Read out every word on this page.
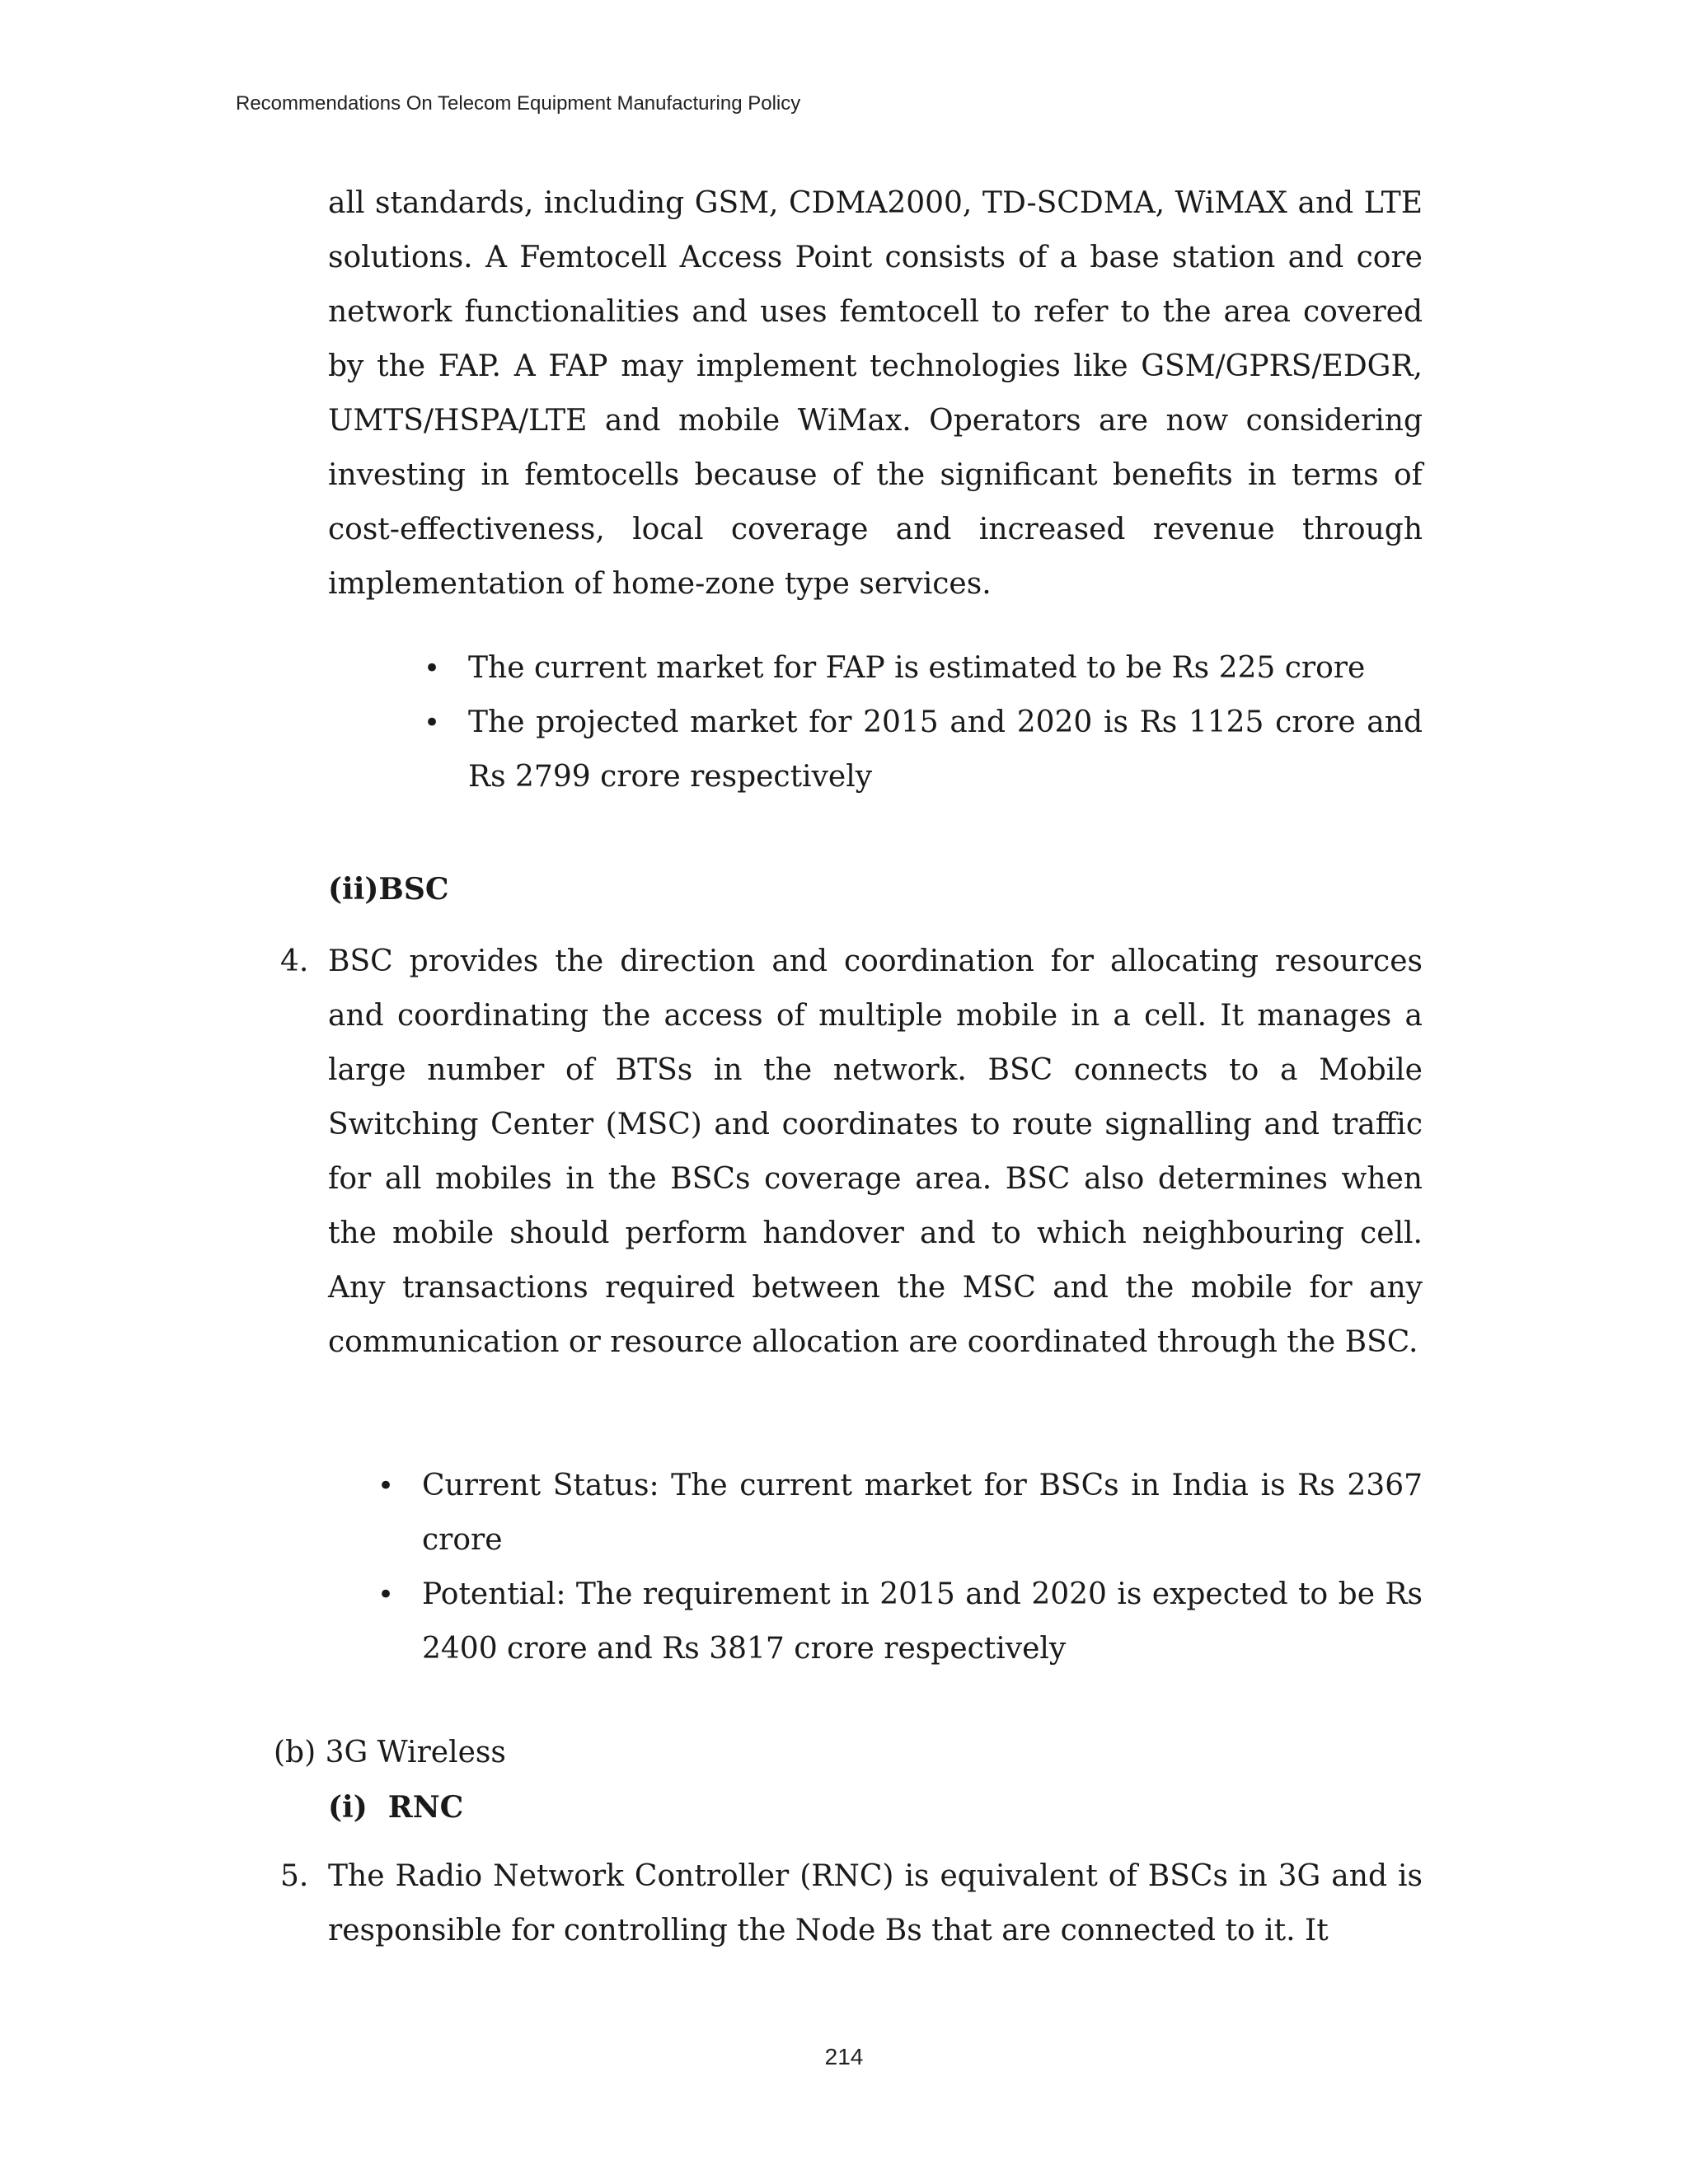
Recommendations On Telecom Equipment Manufacturing Policy
all standards, including GSM, CDMA2000, TD-SCDMA, WiMAX and LTE solutions. A Femtocell Access Point consists of a base station and core network functionalities and uses femtocell to refer to the area covered by the FAP. A FAP may implement technologies like GSM/GPRS/EDGR, UMTS/HSPA/LTE and mobile WiMax. Operators are now considering investing in femtocells because of the significant benefits in terms of cost-effectiveness, local coverage and increased revenue through implementation of home-zone type services.
• The current market for FAP is estimated to be Rs 225 crore
• The projected market for 2015 and 2020 is Rs 1125 crore and Rs 2799 crore respectively
(ii)BSC
4. BSC provides the direction and coordination for allocating resources and coordinating the access of multiple mobile in a cell. It manages a large number of BTSs in the network. BSC connects to a Mobile Switching Center (MSC) and coordinates to route signalling and traffic for all mobiles in the BSCs coverage area. BSC also determines when the mobile should perform handover and to which neighbouring cell. Any transactions required between the MSC and the mobile for any communication or resource allocation are coordinated through the BSC.
• Current Status: The current market for BSCs in India is Rs 2367 crore
• Potential: The requirement in 2015 and 2020 is expected to be Rs 2400 crore and Rs 3817 crore respectively
(b) 3G Wireless
(i)  RNC
5. The Radio Network Controller (RNC) is equivalent of BSCs in 3G and is responsible for controlling the Node Bs that are connected to it. It
214
